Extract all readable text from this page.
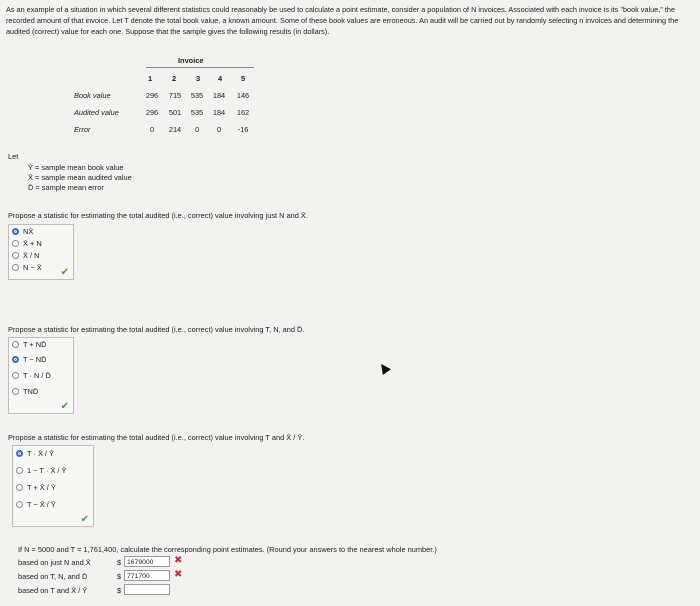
As an example of a situation in which several different statistics could reasonably be used to calculate a point estimate, consider a population of N invoices. Associated with each invoice is its "book value," the recorded amount of that invoice. Let T denote the total book value, a known amount. Some of these book values are erroneous. An audit will be carried out by randomly selecting n invoices and determining the audited (correct) value for each one. Suppose that the sample gives the following results (in dollars).
Invoice
1	2	3	4	5
Book value	296	715	535	184	146
Audited value	296	501	535	184	162
Error	0	214	0	0	-16
Let
Ȳ = sample mean book value
X̄ = sample mean audited value
D̄ = sample mean error
Propose a statistic for estimating the total audited (i.e., correct) value involving just N and X̄.
NX̄
X̄ + N
X̄ / N
N − X̄ ✔
Propose a statistic for estimating the total audited (i.e., correct) value involving T, N, and D̄.
T + ND̄
T − ND̄
T · N / D̄
TND̄
✔
Propose a statistic for estimating the total audited (i.e., correct) value involving T and X̄ / Ȳ.
T · X̄ / Ȳ
1 − T · X̄ / Ȳ
T + X̄ / Ȳ
T − X̄ / Ȳ
✔
If N = 5000 and T = 1,761,400, calculate the corresponding point estimates. (Round your answers to the nearest whole number.)
based on just N and X̄	$ 1679000	✖
based on T, N, and D̄	$ 771700	✖
based on T and X̄ / Ȳ	$
